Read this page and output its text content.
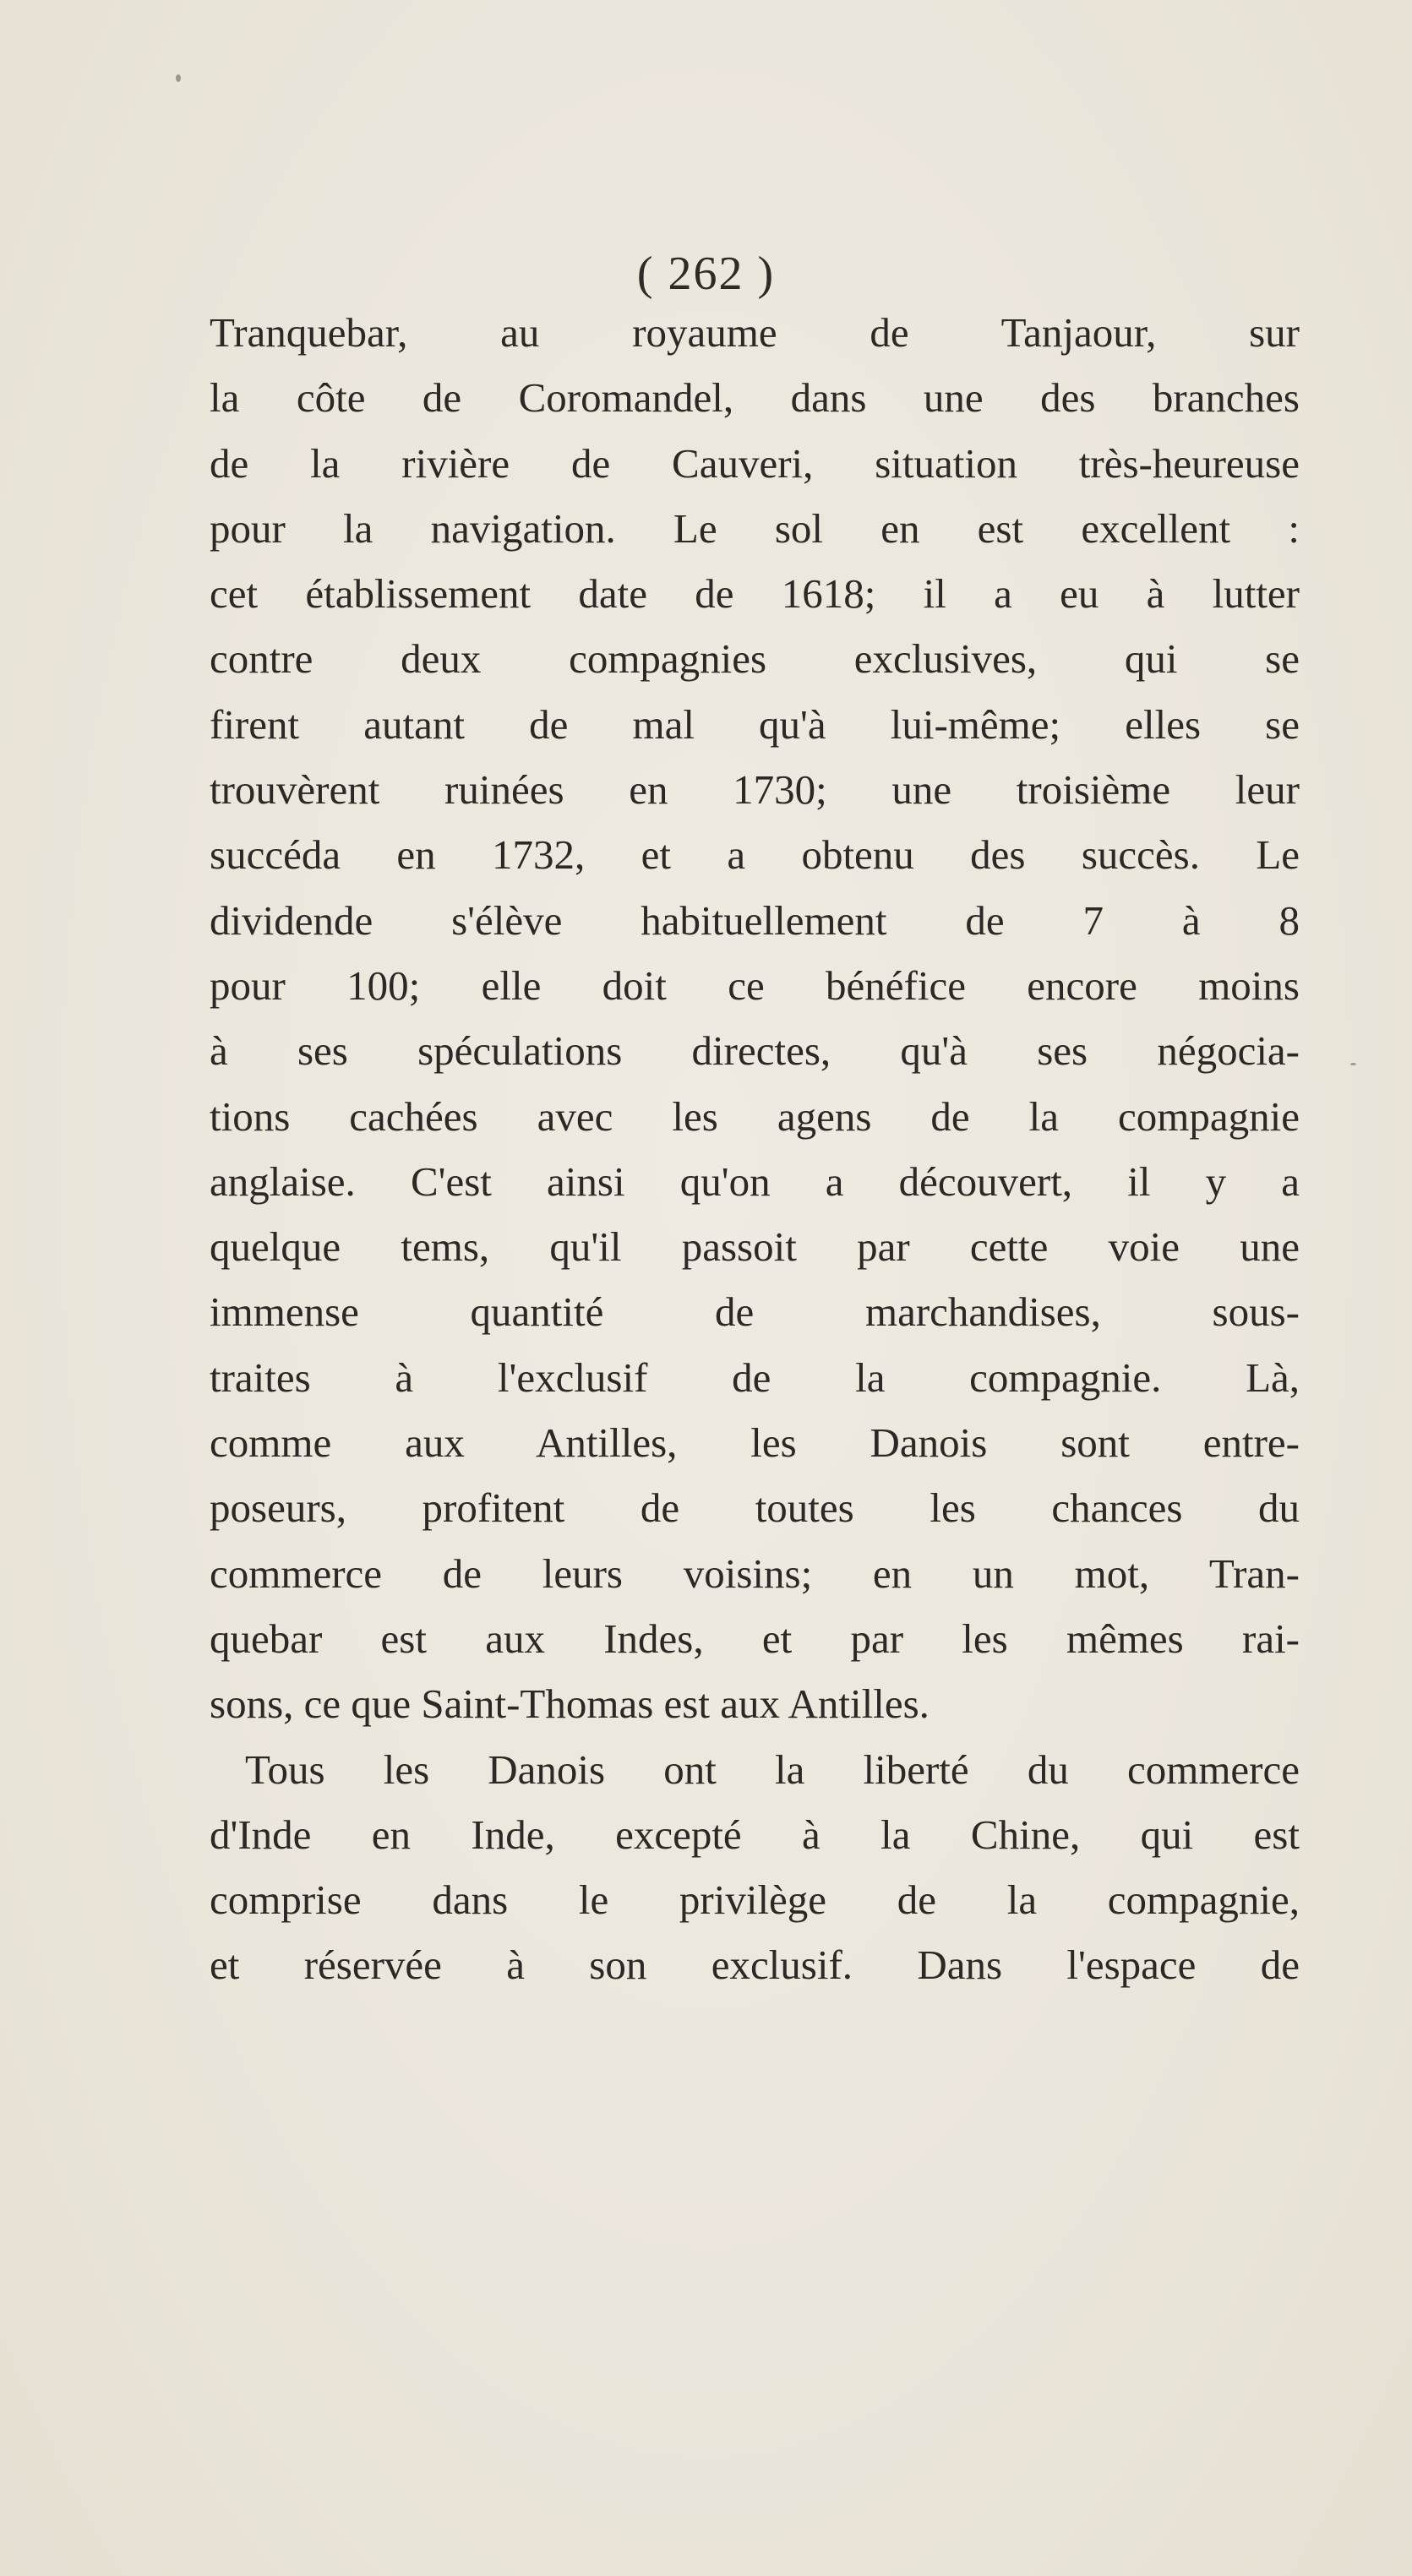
( 262 )
Tranquebar, au royaume de Tanjaour, sur
la côte de Coromandel, dans une des branches
de la rivière de Cauveri, situation très-heureuse
pour la navigation. Le sol en est excellent :
cet établissement date de 1618; il a eu à lutter
contre deux compagnies exclusives, qui se
firent autant de mal qu'à lui-même; elles se
trouvèrent ruinées en 1730; une troisième leur
succéda en 1732, et a obtenu des succès. Le
dividende s'élève habituellement de 7 à 8
pour 100; elle doit ce bénéfice encore moins
à ses spéculations directes, qu'à ses négocia-
tions cachées avec les agens de la compagnie
anglaise. C'est ainsi qu'on a découvert, il y a
quelque tems, qu'il passoit par cette voie une
immense quantité de marchandises, sous-
traites à l'exclusif de la compagnie. Là,
comme aux Antilles, les Danois sont entre-
poseurs, profitent de toutes les chances du
commerce de leurs voisins; en un mot, Tran-
quebar est aux Indes, et par les mêmes rai-
sons, ce que Saint-Thomas est aux Antilles.
Tous les Danois ont la liberté du commerce
d'Inde en Inde, excepté à la Chine, qui est
comprise dans le privilège de la compagnie,
et réservée à son exclusif. Dans l'espace de
